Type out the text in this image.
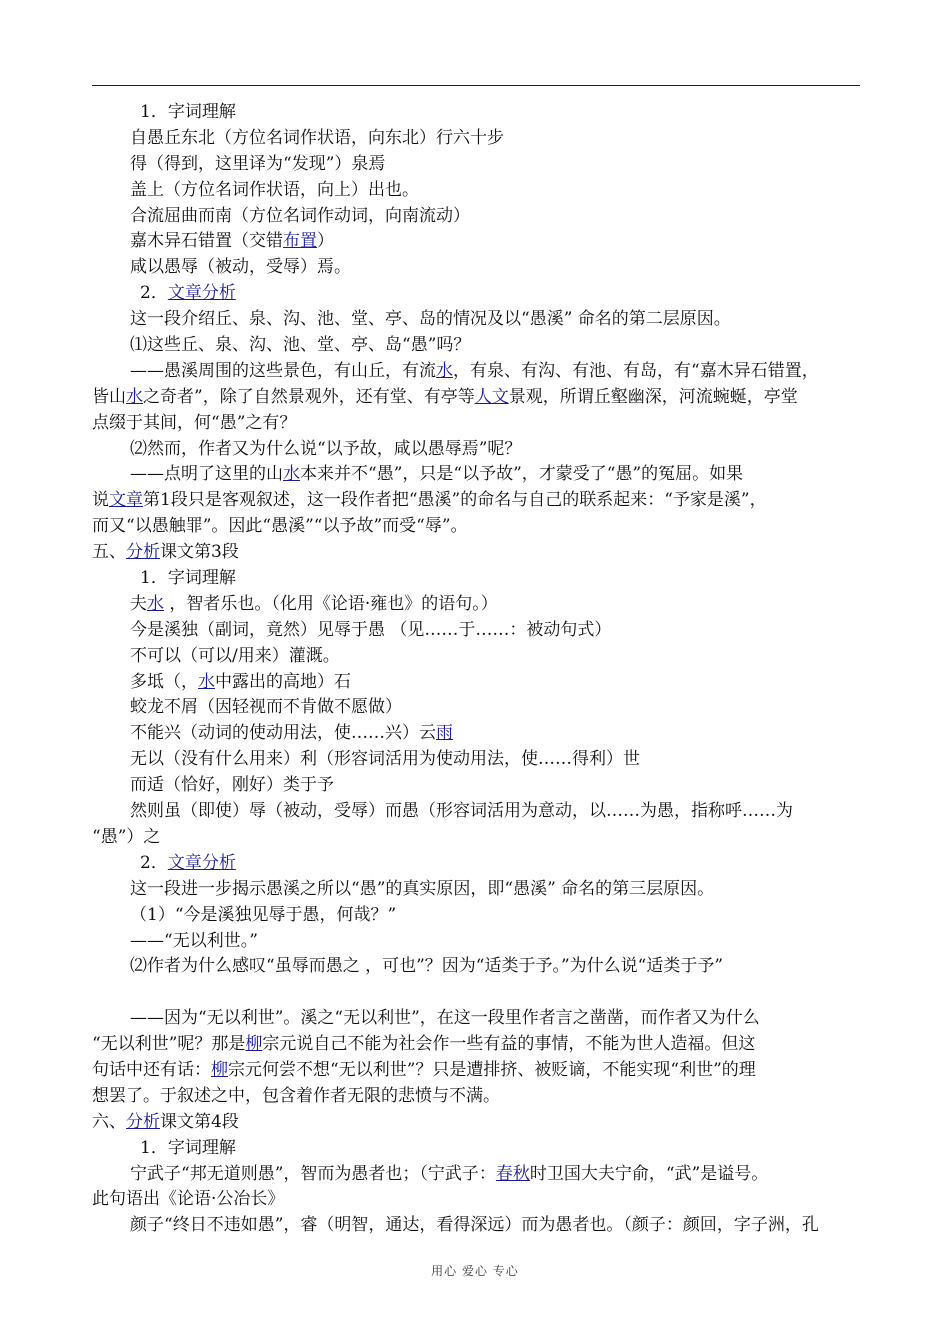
1．字词理解
自愚丘东北（方位名词作状语，向东北）行六十步
得（得到，这里译为“发现”）泉焉
盖上（方位名词作状语，向上）出也。
合流屈曲而南（方位名词作动词，向南流动）
嘉木异石错置（交错布置）
咸以愚辱（被动，受辱）焉。
2．文章分析
这一段介绍丘、泉、沟、池、堂、亭、岛的情况及以“愚溪” 命名的第二层原因。
⑴这些丘、泉、沟、池、堂、亭、岛“愚”吗？
——愚溪周围的这些景色，有山丘，有流水，有泉、有沟、有池、有岛，有“嘉木异石错置，
皆山水之奇者”，除了自然景观外，还有堂、有亭等人文景观，所谓丘壑幽深，河流蜿蜒，亭堂
点缀于其间，何“愚”之有？
⑵然而，作者又为什么说“以予故，咸以愚辱焉”呢？
——点明了这里的山水本来并不“愚”，只是“以予故”，才蒙受了“愚”的冤屈。如果
说文章第1段只是客观叙述，这一段作者把“愚溪”的命名与自己的联系起来：“予家是溪”，
而又“以愚触罪”。因此“愚溪”“以予故”而受“辱”。
五、分析课文第3段
1．字词理解
夫水 ，智者乐也。（化用《论语·雍也》的语句。）
今是溪独（副词，竟然）见辱于愚 （见……于……：被动句式）
不可以（可以/用来）灌溉。
多坻（，水中露出的高地）石
蛟龙不屑（因轻视而不肯做不愿做）
不能兴（动词的使动用法，使……兴）云雨
无以（没有什么用来）利（形容词活用为使动用法，使……得利）世
而适（恰好，刚好）类于予
然则虽（即使）辱（被动，受辱）而愚（形容词活用为意动，以……为愚，指称呼……为
“愚”）之
2．文章分析
这一段进一步揭示愚溪之所以“愚”的真实原因，即“愚溪” 命名的第三层原因。
（1）“今是溪独见辱于愚，何哉？”
——“无以利世。”
⑵作者为什么感叹“虽辱而愚之 ，可也”？因为“适类于予。”为什么说“适类于予”
——因为“无以利世”。溪之“无以利世”，在这一段里作者言之凿凿，而作者又为什么
“无以利世”呢？那是柳宗元说自己不能为社会作一些有益的事情，不能为世人造福。但这
句话中还有话：柳宗元何尝不想“无以利世”？只是遭排挤、被贬谪，不能实现“利世”的理
想罢了。于叙述之中，包含着作者无限的悲愤与不满。
六、分析课文第4段
1．字词理解
宁武子“邦无道则愚”，智而为愚者也；（宁武子：春秋时卫国大夫宁俞，“武”是谥号。
此句语出《论语·公冶长》
颜子“终日不违如愚”，睿（明智，通达，看得深远）而为愚者也。（颜子：颜回，字子洲，孔
用心 爱心 专心
